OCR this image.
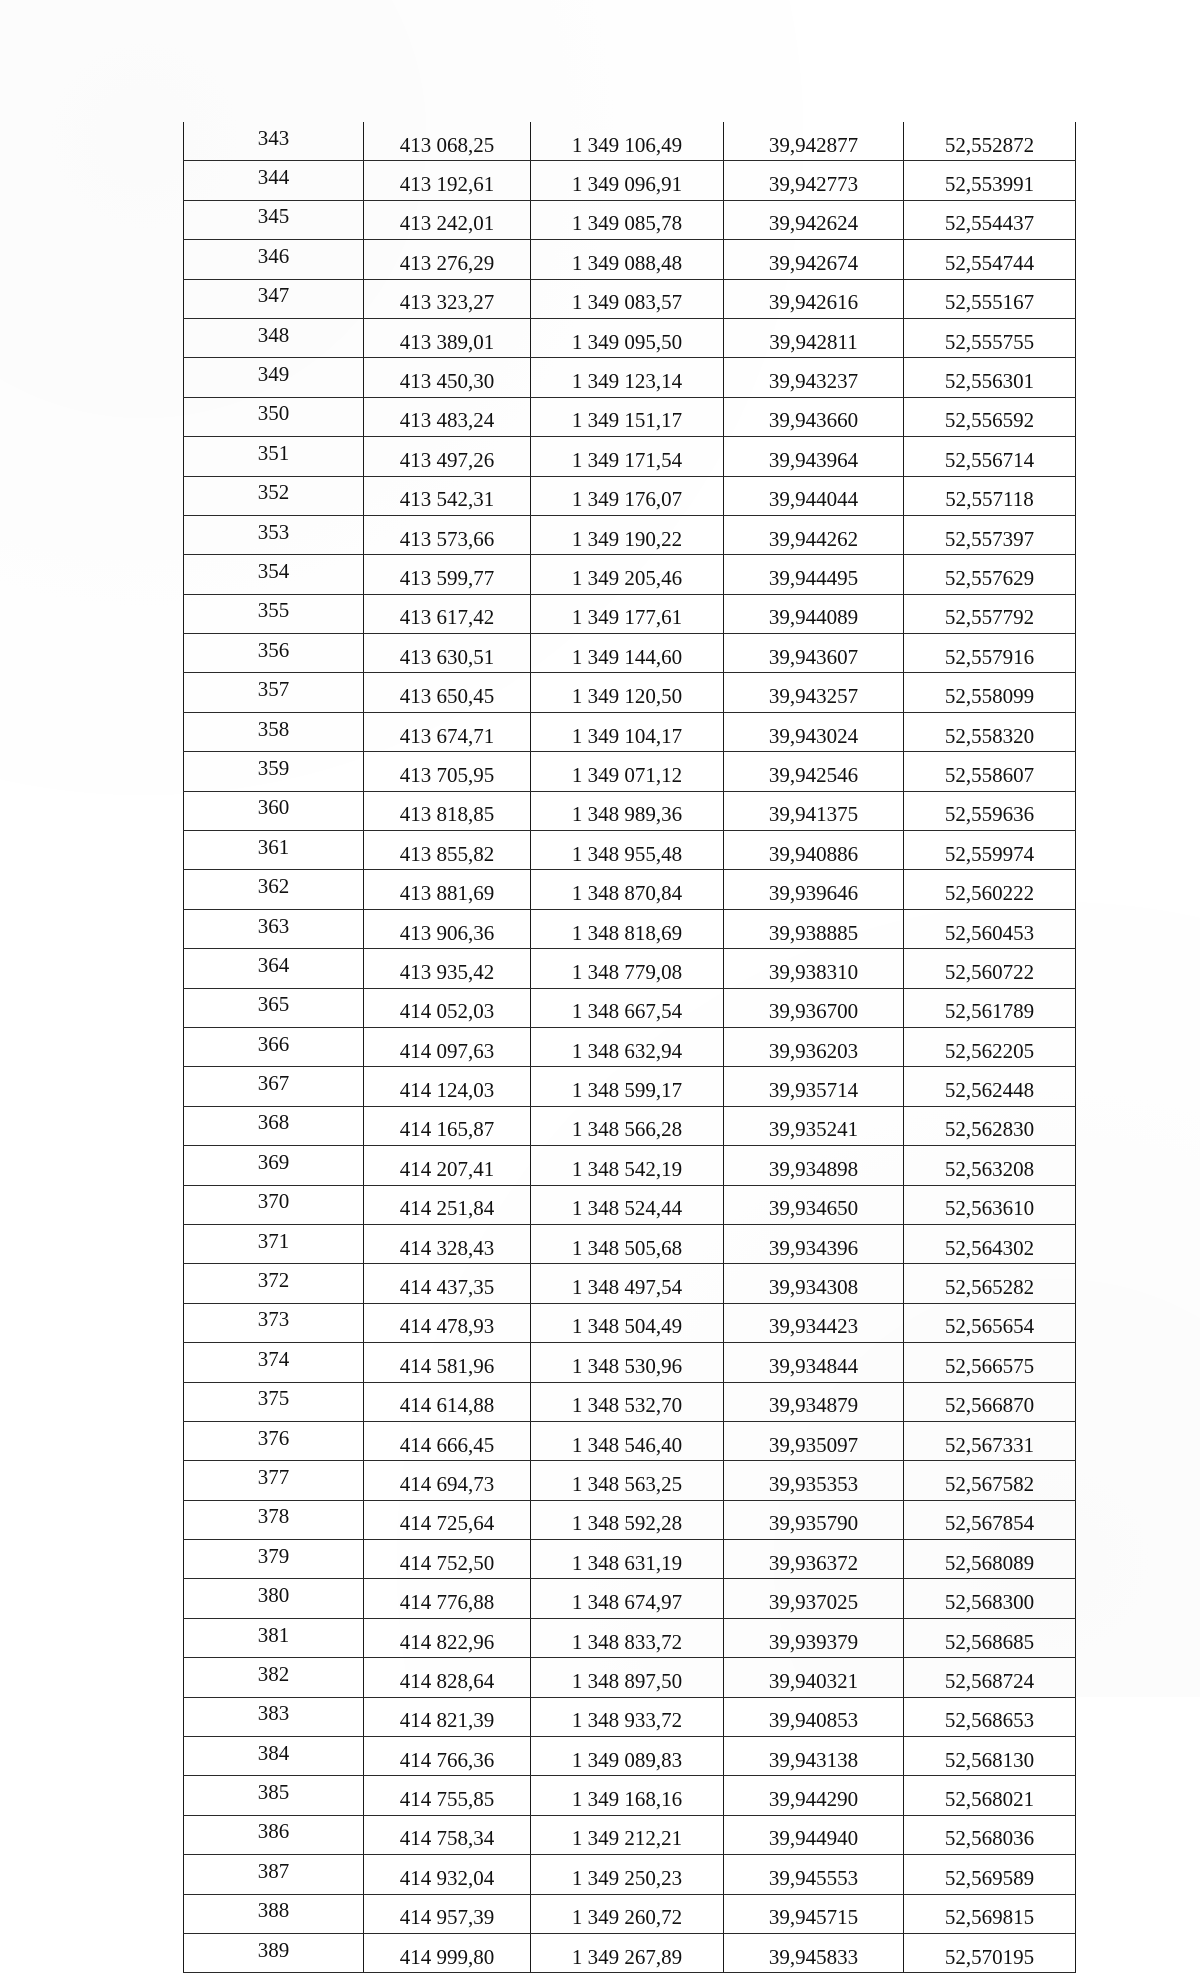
343	413 068,25	1 349 106,49	39,942877	52,552872
344	413 192,61	1 349 096,91	39,942773	52,553991
345	413 242,01	1 349 085,78	39,942624	52,554437
346	413 276,29	1 349 088,48	39,942674	52,554744
347	413 323,27	1 349 083,57	39,942616	52,555167
348	413 389,01	1 349 095,50	39,942811	52,555755
349	413 450,30	1 349 123,14	39,943237	52,556301
350	413 483,24	1 349 151,17	39,943660	52,556592
351	413 497,26	1 349 171,54	39,943964	52,556714
352	413 542,31	1 349 176,07	39,944044	52,557118
353	413 573,66	1 349 190,22	39,944262	52,557397
354	413 599,77	1 349 205,46	39,944495	52,557629
355	413 617,42	1 349 177,61	39,944089	52,557792
356	413 630,51	1 349 144,60	39,943607	52,557916
357	413 650,45	1 349 120,50	39,943257	52,558099
358	413 674,71	1 349 104,17	39,943024	52,558320
359	413 705,95	1 349 071,12	39,942546	52,558607
360	413 818,85	1 348 989,36	39,941375	52,559636
361	413 855,82	1 348 955,48	39,940886	52,559974
362	413 881,69	1 348 870,84	39,939646	52,560222
363	413 906,36	1 348 818,69	39,938885	52,560453
364	413 935,42	1 348 779,08	39,938310	52,560722
365	414 052,03	1 348 667,54	39,936700	52,561789
366	414 097,63	1 348 632,94	39,936203	52,562205
367	414 124,03	1 348 599,17	39,935714	52,562448
368	414 165,87	1 348 566,28	39,935241	52,562830
369	414 207,41	1 348 542,19	39,934898	52,563208
370	414 251,84	1 348 524,44	39,934650	52,563610
371	414 328,43	1 348 505,68	39,934396	52,564302
372	414 437,35	1 348 497,54	39,934308	52,565282
373	414 478,93	1 348 504,49	39,934423	52,565654
374	414 581,96	1 348 530,96	39,934844	52,566575
375	414 614,88	1 348 532,70	39,934879	52,566870
376	414 666,45	1 348 546,40	39,935097	52,567331
377	414 694,73	1 348 563,25	39,935353	52,567582
378	414 725,64	1 348 592,28	39,935790	52,567854
379	414 752,50	1 348 631,19	39,936372	52,568089
380	414 776,88	1 348 674,97	39,937025	52,568300
381	414 822,96	1 348 833,72	39,939379	52,568685
382	414 828,64	1 348 897,50	39,940321	52,568724
383	414 821,39	1 348 933,72	39,940853	52,568653
384	414 766,36	1 349 089,83	39,943138	52,568130
385	414 755,85	1 349 168,16	39,944290	52,568021
386	414 758,34	1 349 212,21	39,944940	52,568036
387	414 932,04	1 349 250,23	39,945553	52,569589
388	414 957,39	1 349 260,72	39,945715	52,569815
389	414 999,80	1 349 267,89	39,945833	52,570195
